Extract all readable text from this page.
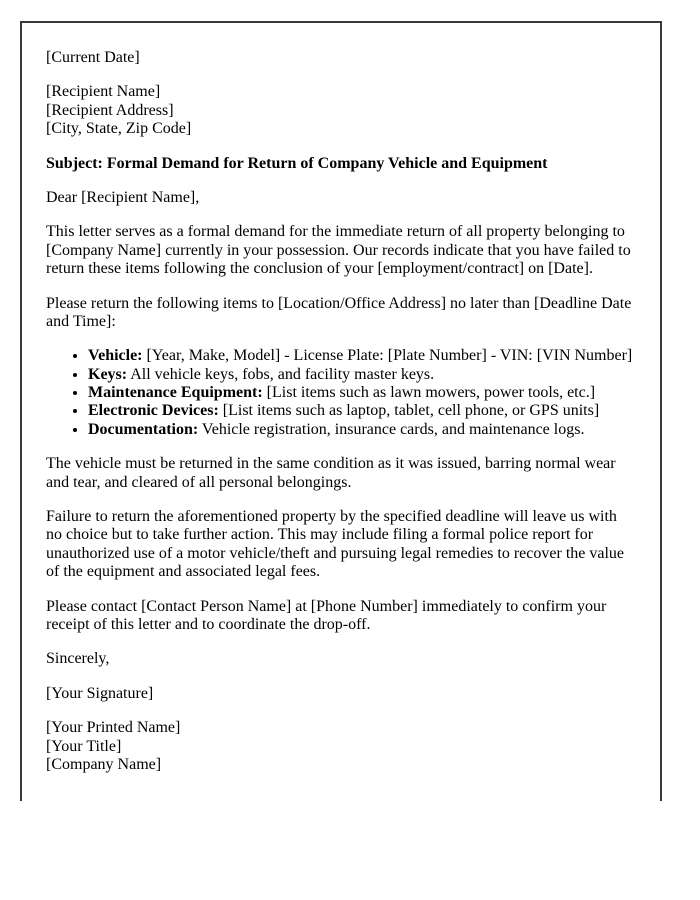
[Current Date]

[Recipient Name]
[Recipient Address]
[City, State, Zip Code]

Subject: Formal Demand for Return of Company Vehicle and Equipment

Dear [Recipient Name],

This letter serves as a formal demand for the immediate return of all property belonging to [Company Name] currently in your possession. Our records indicate that you have failed to return these items following the conclusion of your [employment/contract] on [Date].

Please return the following items to [Location/Office Address] no later than [Deadline Date and Time]:

• Vehicle: [Year, Make, Model] - License Plate: [Plate Number] - VIN: [VIN Number]
• Keys: All vehicle keys, fobs, and facility master keys.
• Maintenance Equipment: [List items such as lawn mowers, power tools, etc.]
• Electronic Devices: [List items such as laptop, tablet, cell phone, or GPS units]
• Documentation: Vehicle registration, insurance cards, and maintenance logs.

The vehicle must be returned in the same condition as it was issued, barring normal wear and tear, and cleared of all personal belongings.

Failure to return the aforementioned property by the specified deadline will leave us with no choice but to take further action. This may include filing a formal police report for unauthorized use of a motor vehicle/theft and pursuing legal remedies to recover the value of the equipment and associated legal fees.

Please contact [Contact Person Name] at [Phone Number] immediately to confirm your receipt of this letter and to coordinate the drop-off.

Sincerely,

[Your Signature]

[Your Printed Name]
[Your Title]
[Company Name]
